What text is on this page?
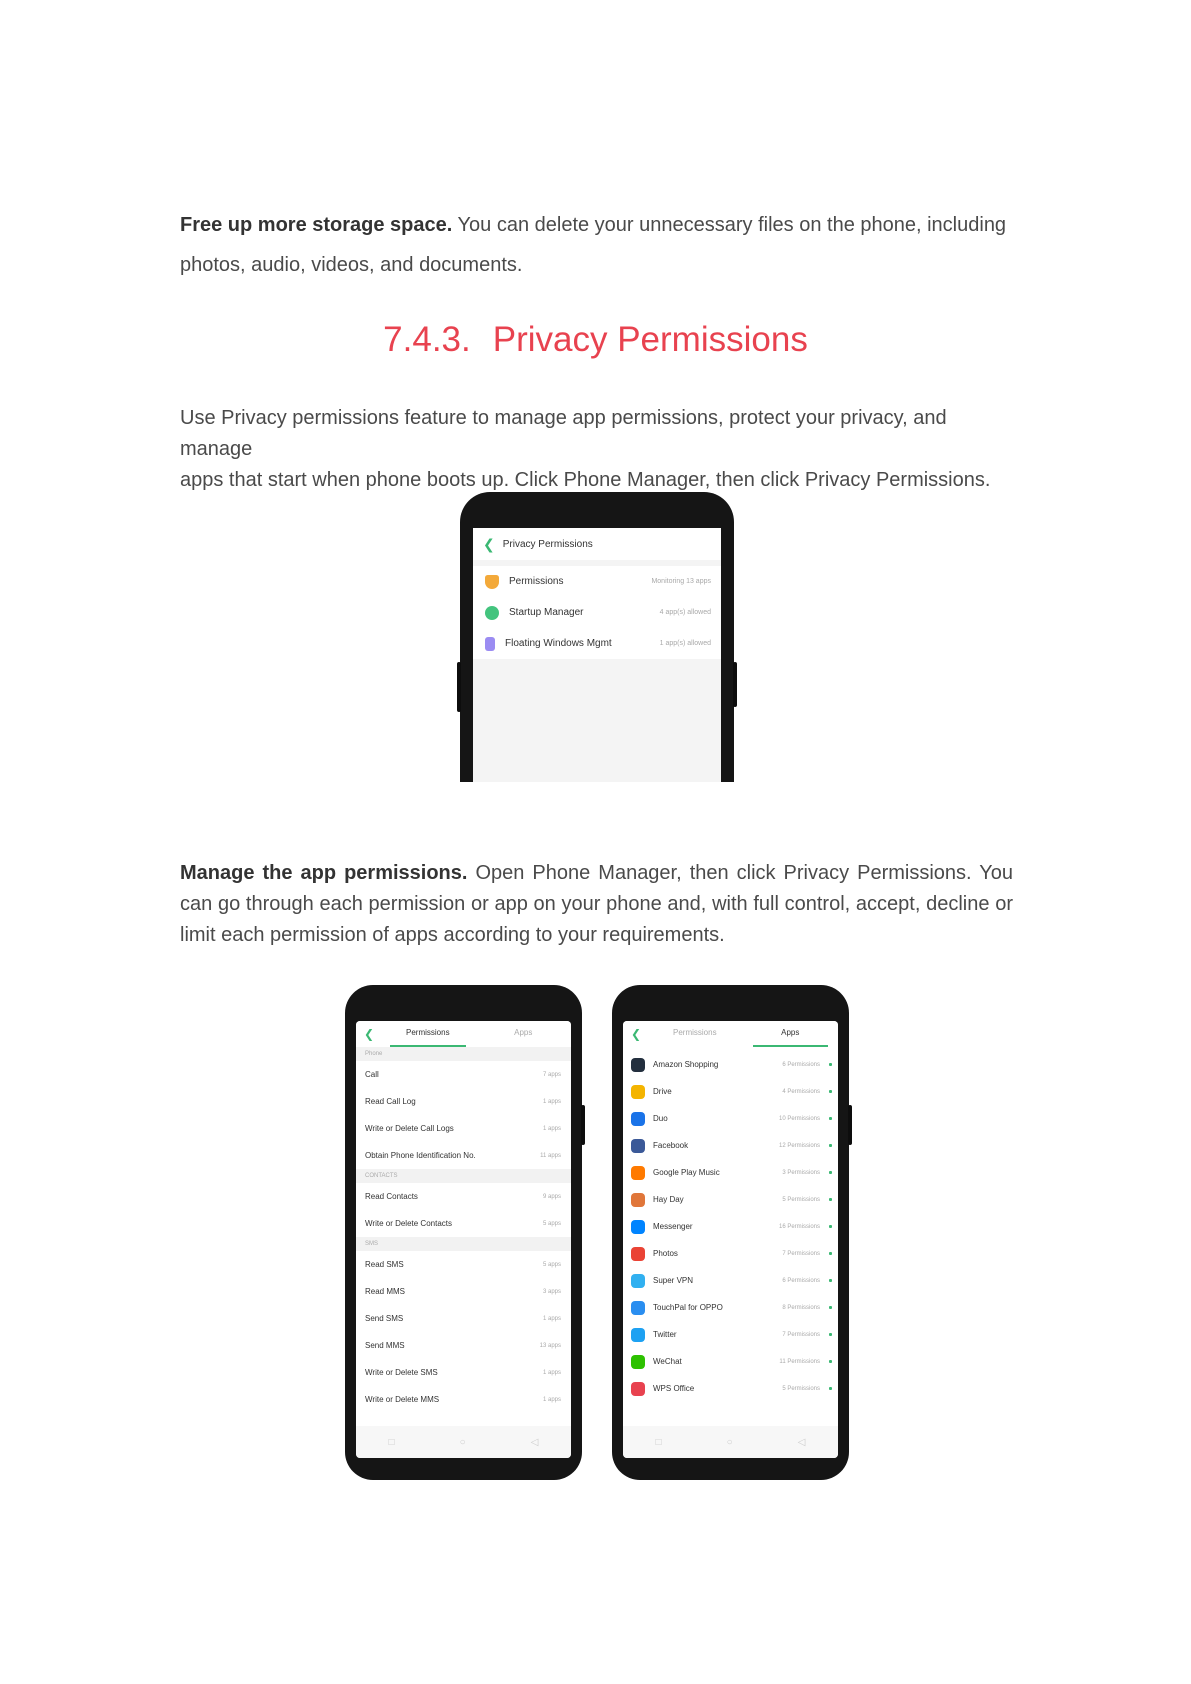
Free up more storage space. You can delete your unnecessary files on the phone, including
photos, audio, videos, and documents.
7.4.3. Privacy Permissions
Use Privacy permissions feature to manage app permissions, protect your privacy, and manage
apps that start when phone boots up. Click Phone Manager, then click Privacy Permissions.
❮ Privacy Permissions
Permissions	Monitoring 13 apps
Startup Manager	4 app(s) allowed
Floating Windows Mgmt	1 app(s) allowed
Manage the app permissions. Open Phone Manager, then click Privacy Permissions. You can go through each permission or app on your phone and, with full control, accept, decline or limit each permission of apps according to your requirements.
❮	Permissions	Apps
Phone
Call	7 apps
Read Call Log	1 apps
Write or Delete Call Logs	1 apps
Obtain Phone Identification No.	11 apps
CONTACTS
Read Contacts	9 apps
Write or Delete Contacts	5 apps
SMS
Read SMS	5 apps
Read MMS	3 apps
Send SMS	1 apps
Send MMS	13 apps
Write or Delete SMS	1 apps
Write or Delete MMS	1 apps
□	○	◁
❮	Permissions	Apps
Amazon Shopping	6 Permissions
Drive	4 Permissions
Duo	10 Permissions
Facebook	12 Permissions
Google Play Music	3 Permissions
Hay Day	5 Permissions
Messenger	16 Permissions
Photos	7 Permissions
Super VPN	6 Permissions
TouchPal for OPPO	8 Permissions
Twitter	7 Permissions
WeChat	11 Permissions
WPS Office	5 Permissions
□	○	◁
